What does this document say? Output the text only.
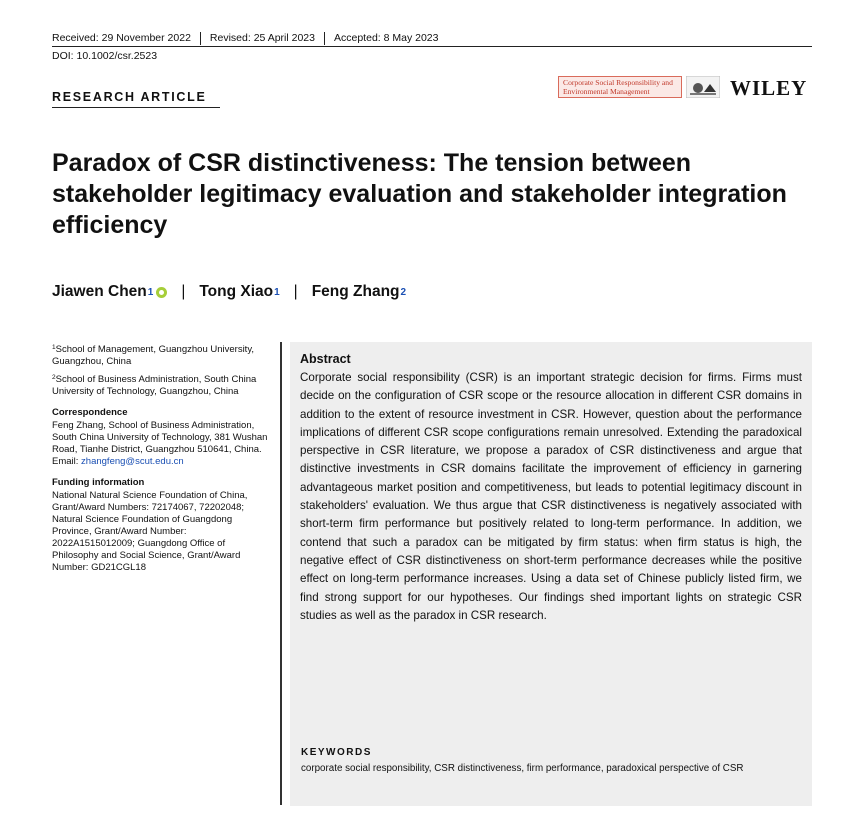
Received: 29 November 2022	Revised: 25 April 2023	Accepted: 8 May 2023
DOI: 10.1002/csr.2523
RESEARCH ARTICLE
Corporate Social Responsibility and
Environmental Management	WILEY
Paradox of CSR distinctiveness: The tension between stakeholder legitimacy evaluation and stakeholder integration efficiency
Jiawen Chen 1 | Tong Xiao 1 | Feng Zhang 2

$^1$School of Management, Guangzhou University, Guangzhou, China

$^2$School of Business Administration, South China University of Technology, Guangzhou, China

Correspondence

Feng Zhang, School of Business Administration, South China University of Technology, 381 Wushan Road, Tianhe District, Guangzhou 510641, China.
Email: zhangfeng@scut.edu.cn

Funding information

National Natural Science Foundation of China, Grant/Award Numbers: 72174067, 72202048; Natural Science Foundation of Guangdong Province, Grant/Award Number: 2022A1515012009; Guangdong Office of Philosophy and Social Science, Grant/Award Number: GD21CGL18

Abstract
Corporate social responsibility (CSR) is an important strategic decision for firms. Firms must decide on the configuration of CSR scope or the resource allocation in different CSR domains in addition to the extent of resource investment in CSR. However, question about the performance implications of different CSR scope configurations remain unresolved. Extending the paradoxical perspective in CSR literature, we propose a paradox of CSR distinctiveness and argue that distinctive investments in CSR domains facilitate the improvement of efficiency in garnering advantageous market position and competitiveness, but leads to potential legitimacy discount in stakeholders' evaluation. We thus argue that CSR distinctiveness is negatively associated with short-term firm performance but positively related to long-term performance. In addition, we contend that such a paradox can be mitigated by firm status: when firm status is high, the negative effect of CSR distinctiveness on short-term performance decreases while the positive effect on long-term performance increases. Using a data set of Chinese publicly listed firm, we find strong support for our hypotheses. Our findings shed important lights on strategic CSR studies as well as the paradox in CSR research.
KEYWORDS
corporate social responsibility, CSR distinctiveness, firm performance, paradoxical perspective of CSR
